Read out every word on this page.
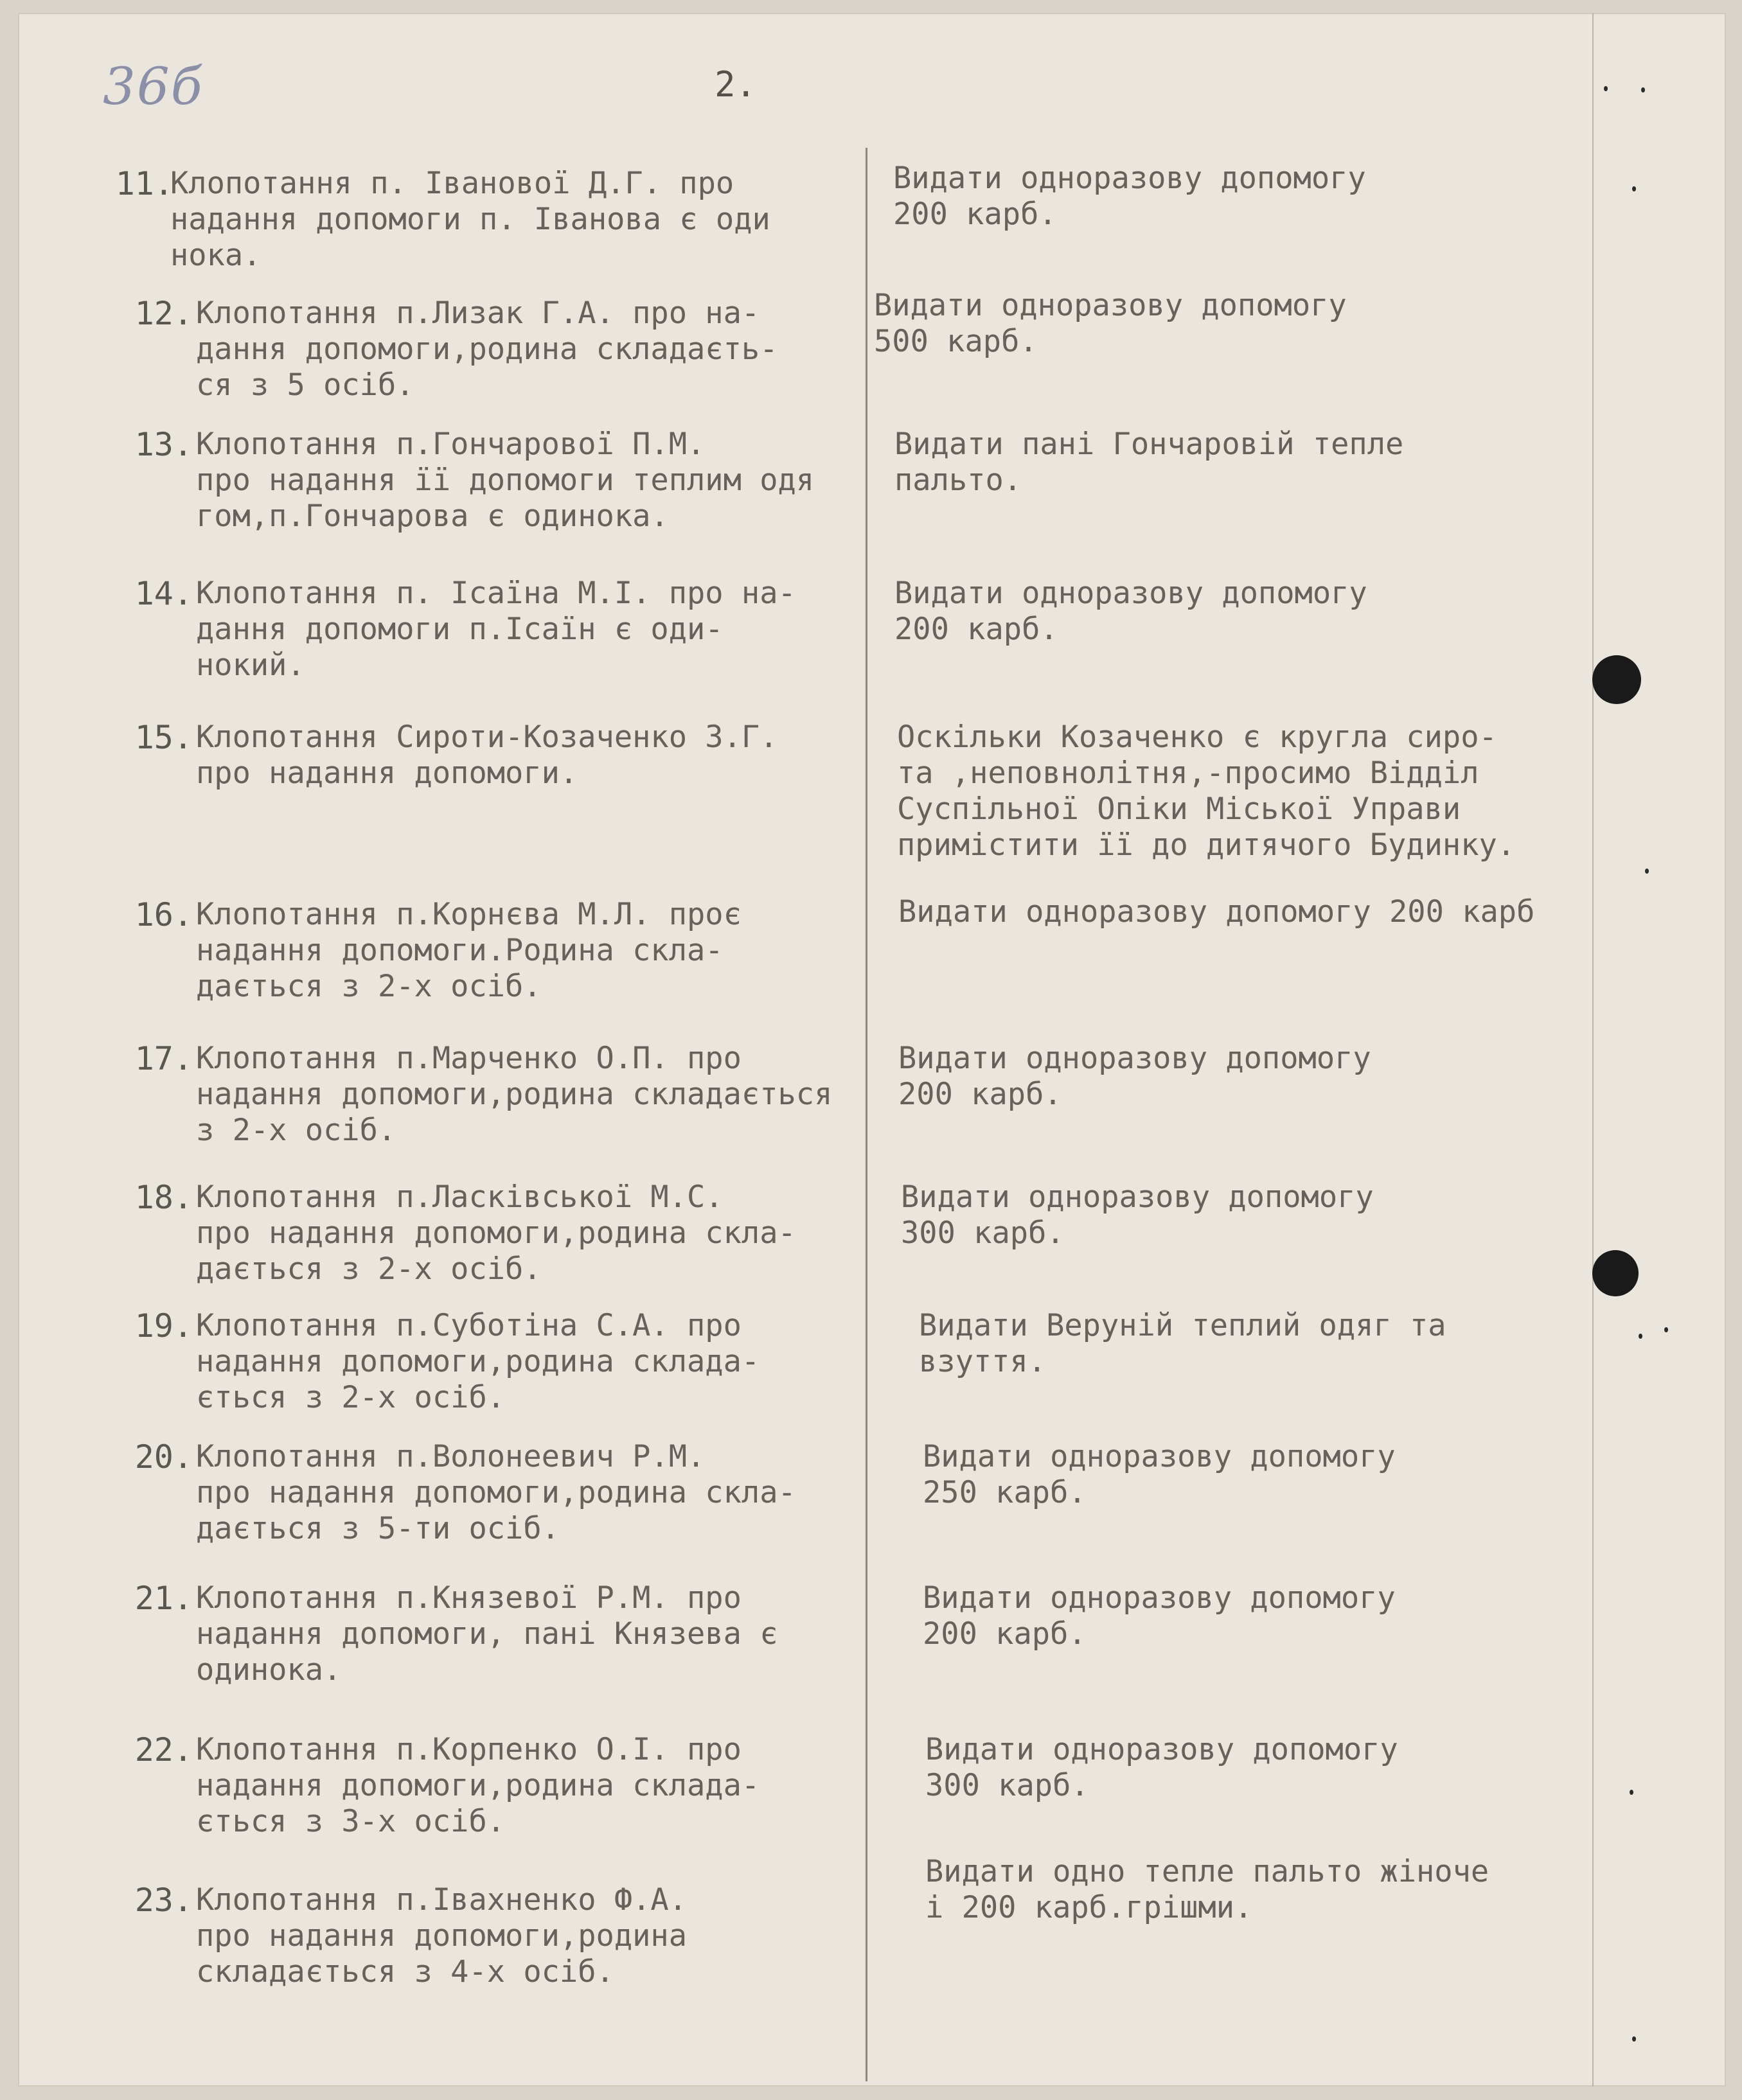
36б	2.
11.
Клопотання п. Іванової Д.Г. про
надання допомоги п. Іванова є оди
нока.
Видати одноразову допомогу
200 карб.
12. Клопотання п.Лизак Г.А. про на-
дання допомоги,родина складаєть-
ся з 5 осіб.
Видати одноразову допомогу
500 карб.
13. Клопотання п.Гончарової П.М.
про надання її допомоги теплим одя
гом,п.Гончарова є одинока.
Видати пані Гончаровій тепле
пальто.
14. Клопотання п. Ісаїна М.І. про на-
дання допомоги п.Ісаїн є оди-
нокий.
Видати одноразову допомогу
200 карб.
15. Клопотання Сироти-Козаченко З.Г.
про надання допомоги.
Оскільки Козаченко є кругла сиро-
та ,неповнолітня,-просимо Відділ
Суспільної Опіки Міської Управи
примістити її до дитячого Будинку.
16. Клопотання п.Корнєва М.Л. проє
надання допомоги.Родина скла-
дається з 2-х осіб.
Видати одноразову допомогу 200 карб
17. Клопотання п.Марченко О.П. про
надання допомоги,родина складається
з 2-х осіб.
Видати одноразову допомогу
200 карб.
18. Клопотання п.Ласківської М.С.
про надання допомоги,родина скла-
дається з 2-х осіб.
Видати одноразову допомогу
300 карб.
19. Клопотання п.Суботіна С.А. про
надання допомоги,родина склада-
ється з 2-х осіб.
Видати Веруній теплий одяг та
взуття.
20. Клопотання п.Волонеевич Р.М.
про надання допомоги,родина скла-
дається з 5-ти осіб.
Видати одноразову допомогу
250 карб.
21. Клопотання п.Князевої Р.М. про
надання допомоги, пані Князева є
одинока.
Видати одноразову допомогу
200 карб.
22. Клопотання п.Корпенко О.І. про
надання допомоги,родина склада-
ється з 3-х осіб.
Видати одноразову допомогу
300 карб.
23. Клопотання п.Івахненко Ф.А.
про надання допомоги,родина
складається з 4-х осіб.
Видати одно тепле пальто жіноче
і 200 карб.грішми.
